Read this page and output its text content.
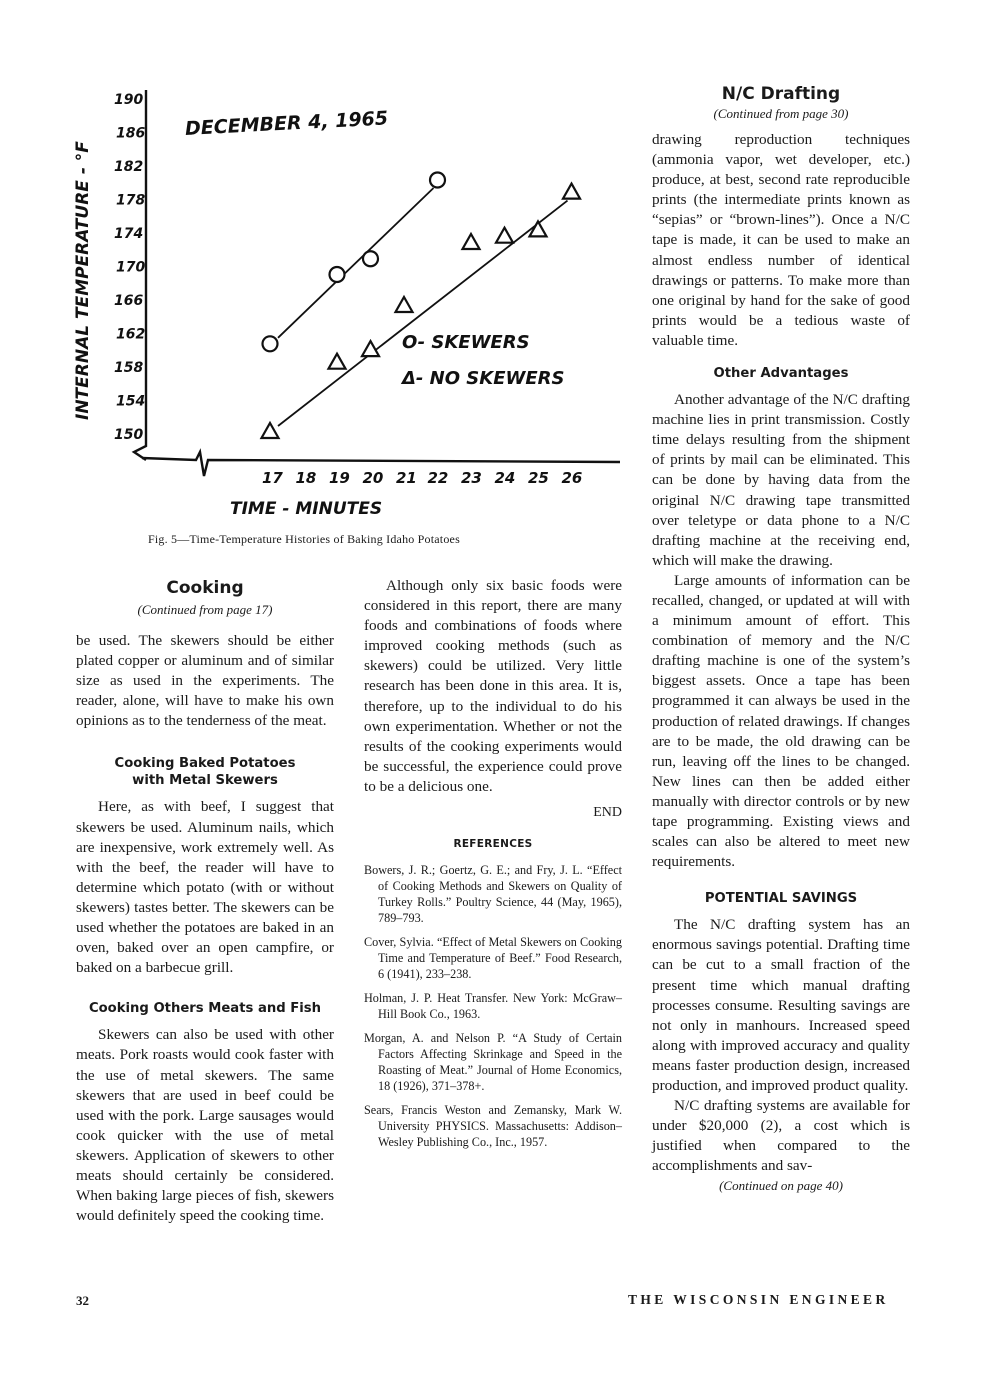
190
186
182
178
174
170
166
162
158
154
150
17 18 19 20 21 22 23 24 25 26
DECEMBER 4, 1965
INTERNAL TEMPERATURE - °F
TIME - MINUTES
O- SKEWERS
Δ- NO SKEWERS
Fig. 5—Time-Temperature Histories of Baking Idaho Potatoes
Cooking
(Continued from page 17)

be used. The skewers should be either plated copper or aluminum and of similar size as used in the experiments. The reader, alone, will have to make his own opinions as to the tenderness of the meat.

Cooking Baked Potatoes with Metal Skewers

Here, as with beef, I suggest that skewers be used. Aluminum nails, which are inexpensive, work extremely well. As with the beef, the reader will have to determine which potato (with or without skewers) tastes better. The skewers can be used whether the potatoes are baked in an oven, baked over an open campfire, or baked on a barbecue grill.

Cooking Others Meats and Fish

Skewers can also be used with other meats. Pork roasts would cook faster with the use of metal skewers. The same skewers that are used in beef could be used with the pork. Large sausages would cook quicker with the use of metal skewers. Application of skewers to other meats should certainly be considered. When baking large pieces of fish, skewers would definitely speed the cooking time.

Although only six basic foods were considered in this report, there are many foods and combinations of foods where improved cooking methods (such as skewers) could be utilized. Very little research has been done in this area. It is, therefore, up to the individual to do his own experimentation. Whether or not the results of the cooking experiments would be successful, the experience could prove to be a delicious one.

END
REFERENCES

Bowers, J. R.; Goertz, G. E.; and Fry, J. L. “Effect of Cooking Methods and Skewers on Quality of Turkey Rolls.” Poultry Science, 44 (May, 1965), 789–793.

Cover, Sylvia. “Effect of Metal Skewers on Cooking Time and Temperature of Beef.” Food Research, 6 (1941), 233–238.

Holman, J. P. Heat Transfer. New York: McGraw–Hill Book Co., 1963.

Morgan, A. and Nelson P. “A Study of Certain Factors Affecting Skrinkage and Speed in the Roasting of Meat.” Journal of Home Economics, 18 (1926), 371–378+.

Sears, Francis Weston and Zemansky, Mark W. University PHYSICS. Massachusetts: Addison–Wesley Publishing Co., Inc., 1957.

N/C Drafting
(Continued from page 30)

drawing reproduction techniques (ammonia vapor, wet developer, etc.) produce, at best, second rate reproducible prints (the intermediate prints known as “sepias” or “brown-lines”). Once a N/C tape is made, it can be used to make an almost endless number of identical drawings or patterns. To make more than one original by hand for the sake of good prints would be a tedious waste of valuable time.

Other Advantages

Another advantage of the N/C drafting machine lies in print transmission. Costly time delays resulting from the shipment of prints by mail can be eliminated. This can be done by having data from the original N/C drawing tape transmitted over teletype or data phone to a N/C drafting machine at the receiving end, which will make the drawing.

Large amounts of information can be recalled, changed, or updated at will with a minimum amount of effort. This combination of memory and the N/C drafting machine is one of the system’s biggest assets. Once a tape has been programmed it can always be used in the production of related drawings. If changes are to be made, the old drawing can be run, leaving off the lines to be changed. New lines can then be added either manually with director controls or by new tape programming. Existing views and scales can also be altered to meet new requirements.

POTENTIAL SAVINGS

The N/C drafting system has an enormous savings potential. Drafting time can be cut to a small fraction of the present time which manual drafting processes consume. Resulting savings are not only in manhours. Increased speed along with improved accuracy and quality means faster production design, increased production, and improved product quality.

N/C drafting systems are available for under $20,000 (2), a cost which is justified when compared to the accomplishments and sav-

(Continued on page 40)
32	THE WISCONSIN ENGINEER
